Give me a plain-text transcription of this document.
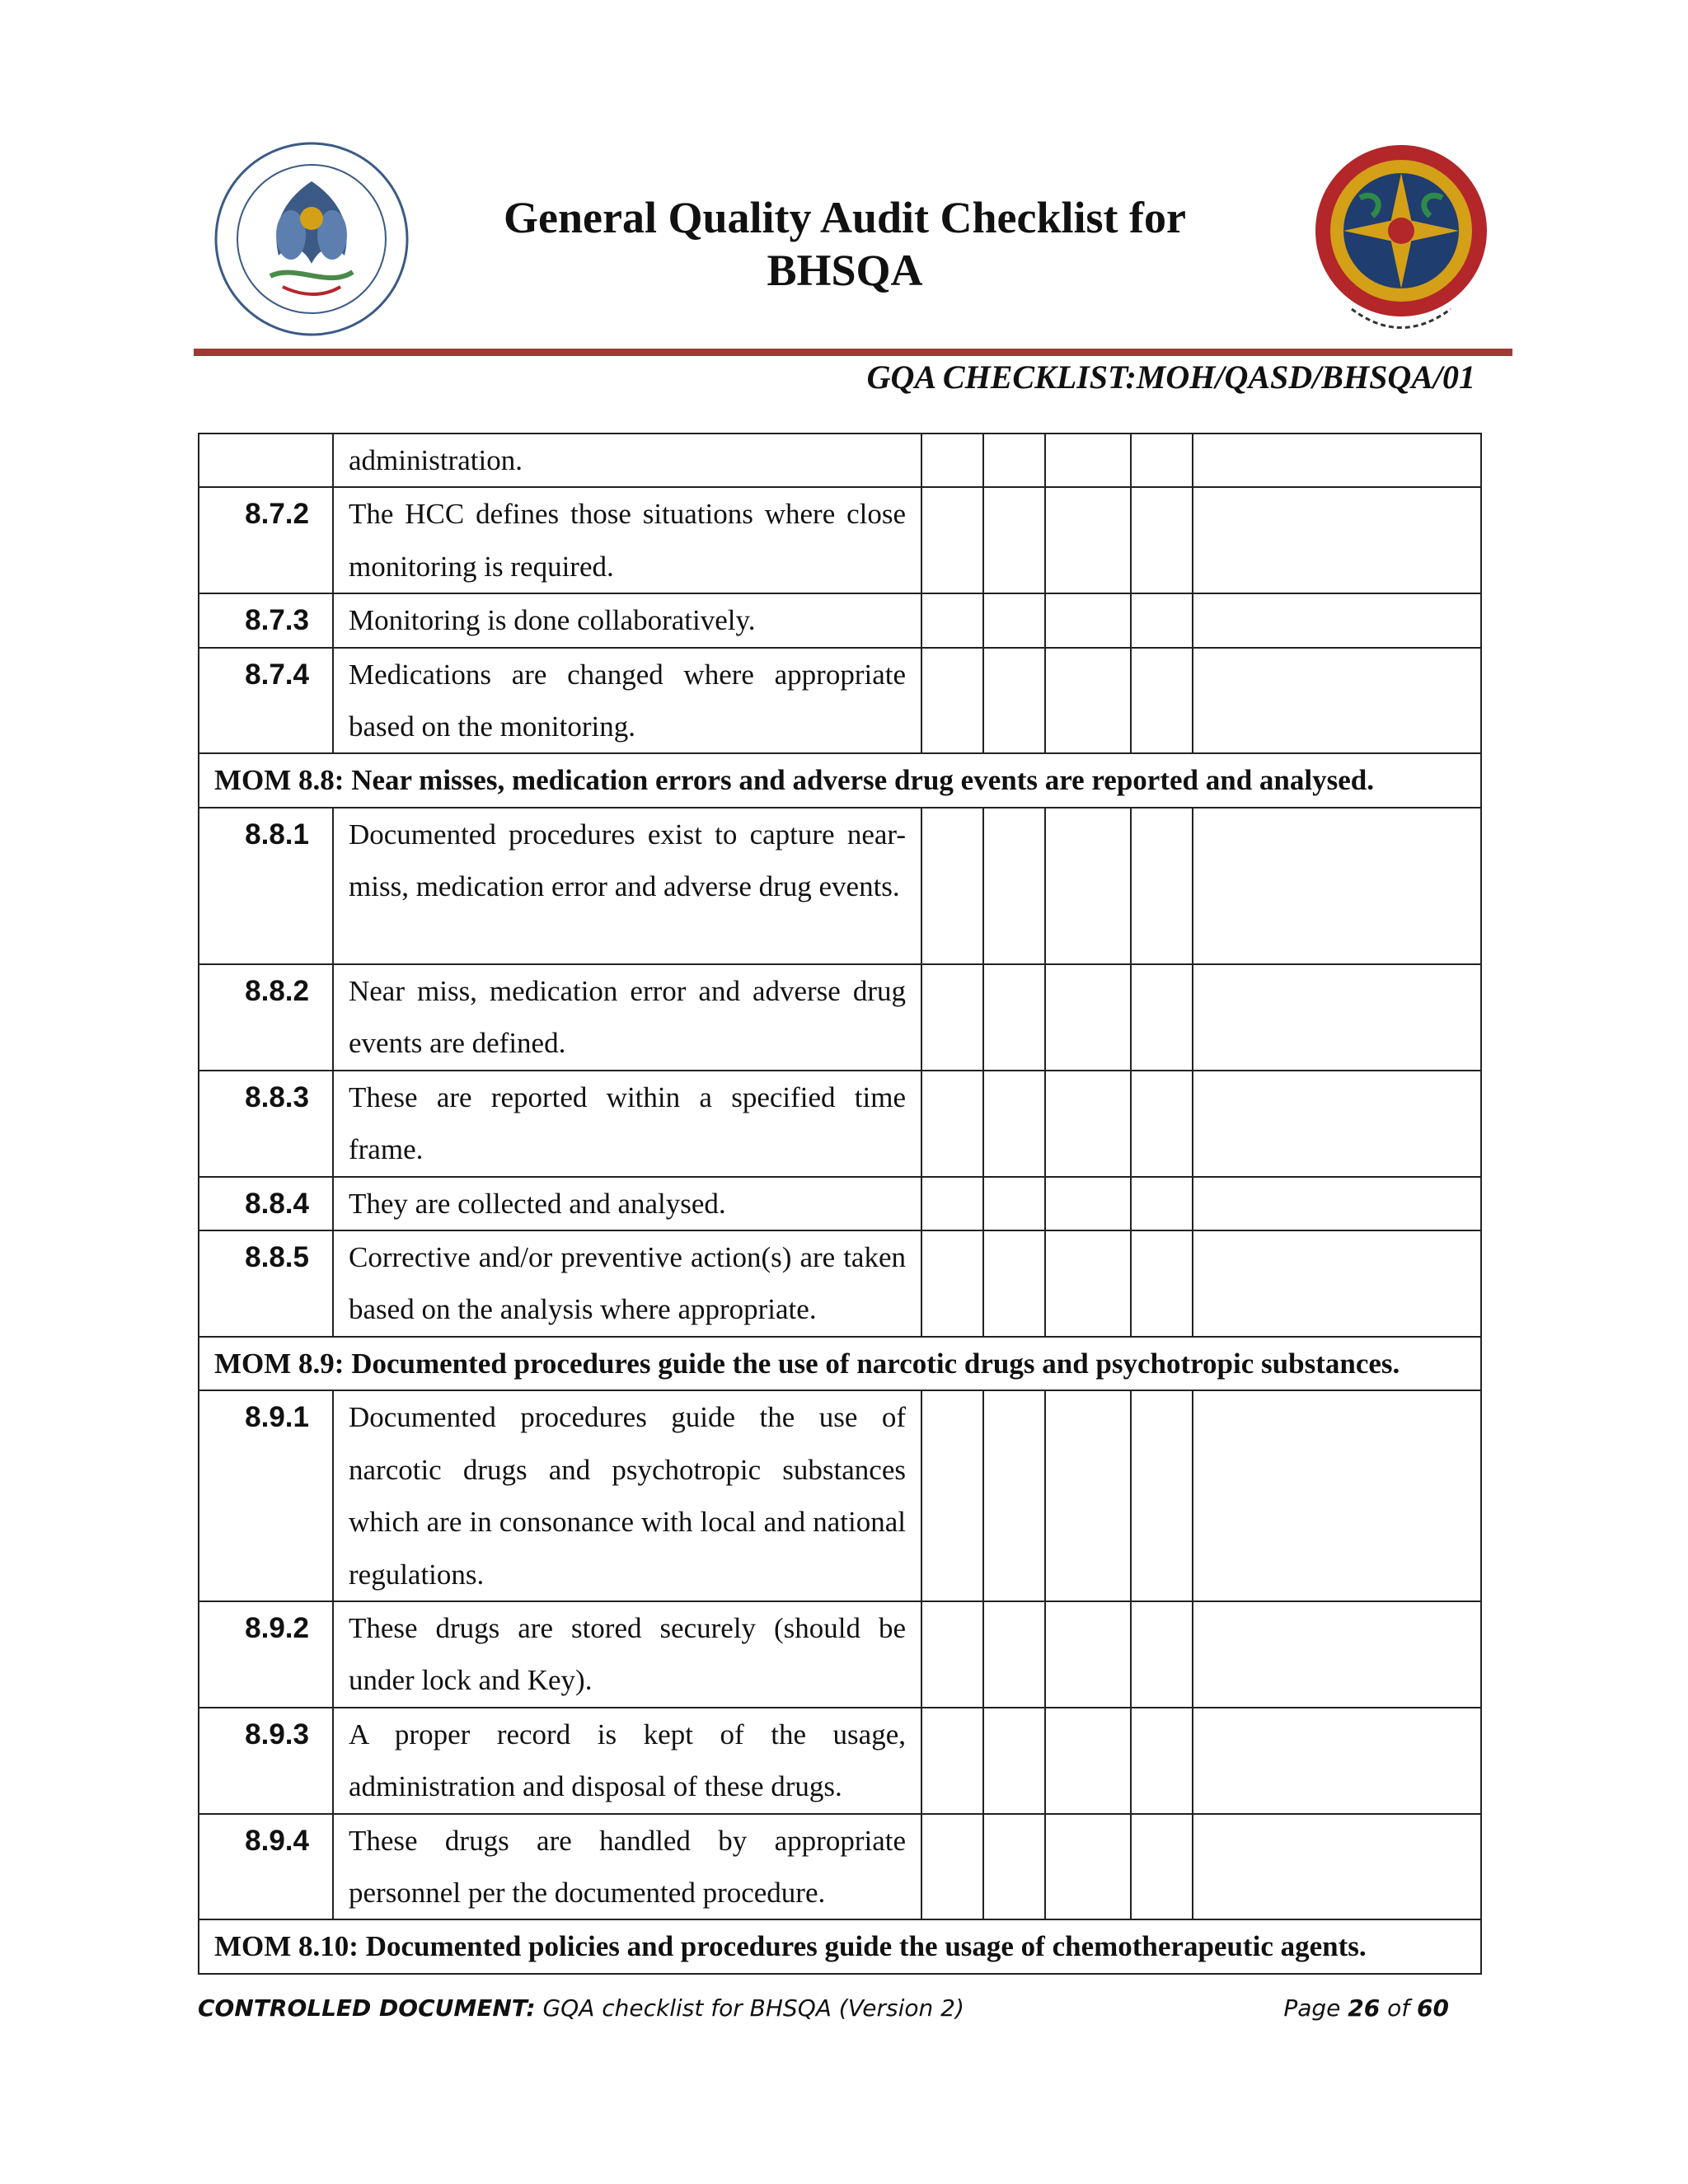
General Quality Audit Checklist for
BHSQA
GQA CHECKLIST:MOH/QASD/BHSQA/01
	administration.					
8.7.2	The HCC defines those situations where close monitoring is required.					
8.7.3	Monitoring is done collaboratively.					
8.7.4	Medications are changed where appropriate based on the monitoring.					
MOM 8.8: Near misses, medication errors and adverse drug events are reported and analysed.						
8.8.1	Documented procedures exist to capture near-miss, medication error and adverse drug events.					
8.8.2	Near miss, medication error and adverse drug events are defined.					
8.8.3	These are reported within a specified time frame.					
8.8.4	They are collected and analysed.					
8.8.5	Corrective and/or preventive action(s) are taken based on the analysis where appropriate.					
MOM 8.9: Documented procedures guide the use of narcotic drugs and psychotropic substances.						
8.9.1	Documented procedures guide the use of narcotic drugs and psychotropic substances which are in consonance with local and national regulations.					
8.9.2	These drugs are stored securely (should be under lock and Key).					
8.9.3	A proper record is kept of the usage, administration and disposal of these drugs.					
8.9.4	These drugs are handled by appropriate personnel per the documented procedure.					
MOM 8.10: Documented policies and procedures guide the usage of chemotherapeutic agents.						
CONTROLLED DOCUMENT: GQA checklist for BHSQA (Version 2)	Page 26 of 60
